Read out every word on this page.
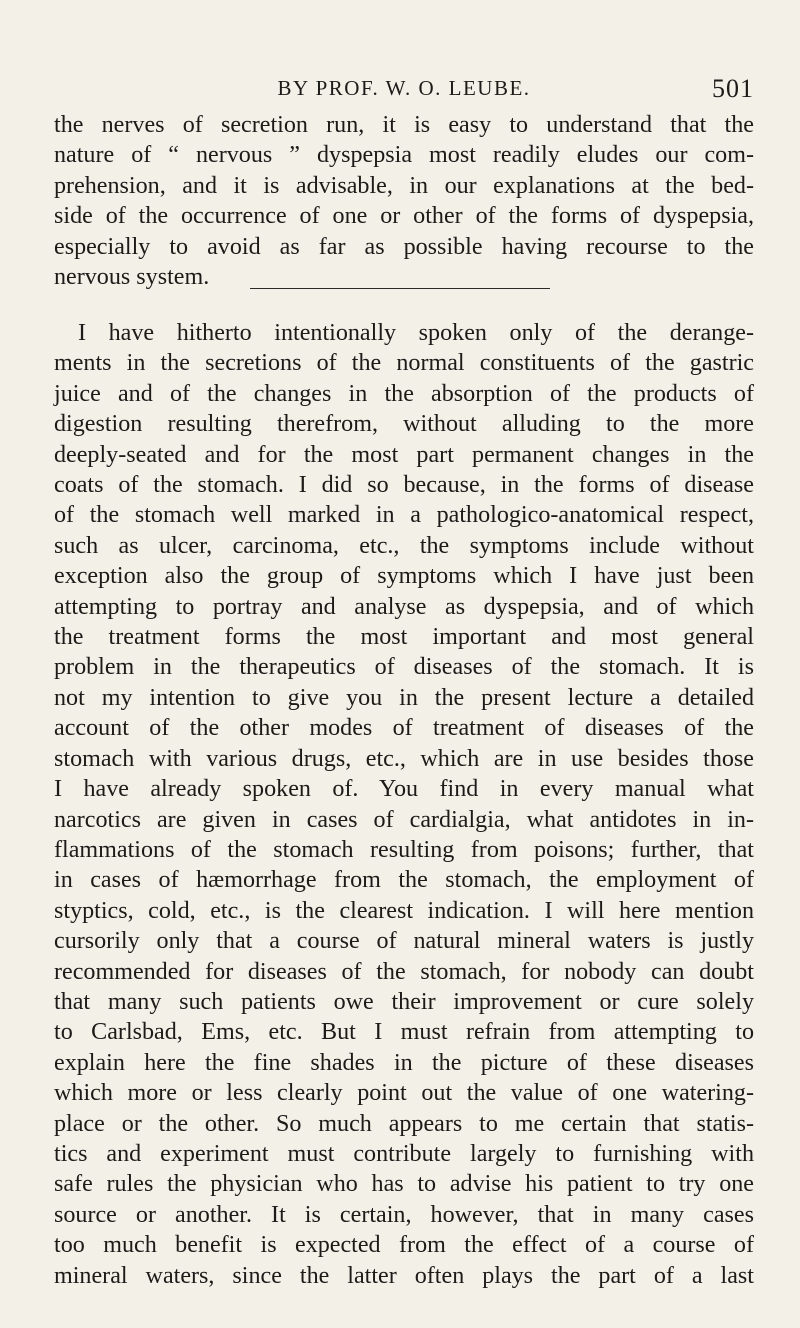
BY PROF. W. O. LEUBE.	501
the nerves of secretion run, it is easy to understand that the
nature of “ nervous ” dyspepsia most readily eludes our com-
prehension, and it is advisable, in our explanations at the bed-
side of the occurrence of one or other of the forms of dyspepsia,
especially to avoid as far as possible having recourse to the
nervous system.
I have hitherto intentionally spoken only of the derange-
ments in the secretions of the normal constituents of the gastric
juice and of the changes in the absorption of the products of
digestion resulting therefrom, without alluding to the more
deeply-seated and for the most part permanent changes in the
coats of the stomach. I did so because, in the forms of disease
of the stomach well marked in a pathologico-anatomical respect,
such as ulcer, carcinoma, etc., the symptoms include without
exception also the group of symptoms which I have just been
attempting to portray and analyse as dyspepsia, and of which
the treatment forms the most important and most general
problem in the therapeutics of diseases of the stomach. It is
not my intention to give you in the present lecture a detailed
account of the other modes of treatment of diseases of the
stomach with various drugs, etc., which are in use besides those
I have already spoken of. You find in every manual what
narcotics are given in cases of cardialgia, what antidotes in in-
flammations of the stomach resulting from poisons; further, that
in cases of hæmorrhage from the stomach, the employment of
styptics, cold, etc., is the clearest indication. I will here mention
cursorily only that a course of natural mineral waters is justly
recommended for diseases of the stomach, for nobody can doubt
that many such patients owe their improvement or cure solely
to Carlsbad, Ems, etc. But I must refrain from attempting to
explain here the fine shades in the picture of these diseases
which more or less clearly point out the value of one watering-
place or the other. So much appears to me certain that statis-
tics and experiment must contribute largely to furnishing with
safe rules the physician who has to advise his patient to try one
source or another. It is certain, however, that in many cases
too much benefit is expected from the effect of a course of
mineral waters, since the latter often plays the part of a last
